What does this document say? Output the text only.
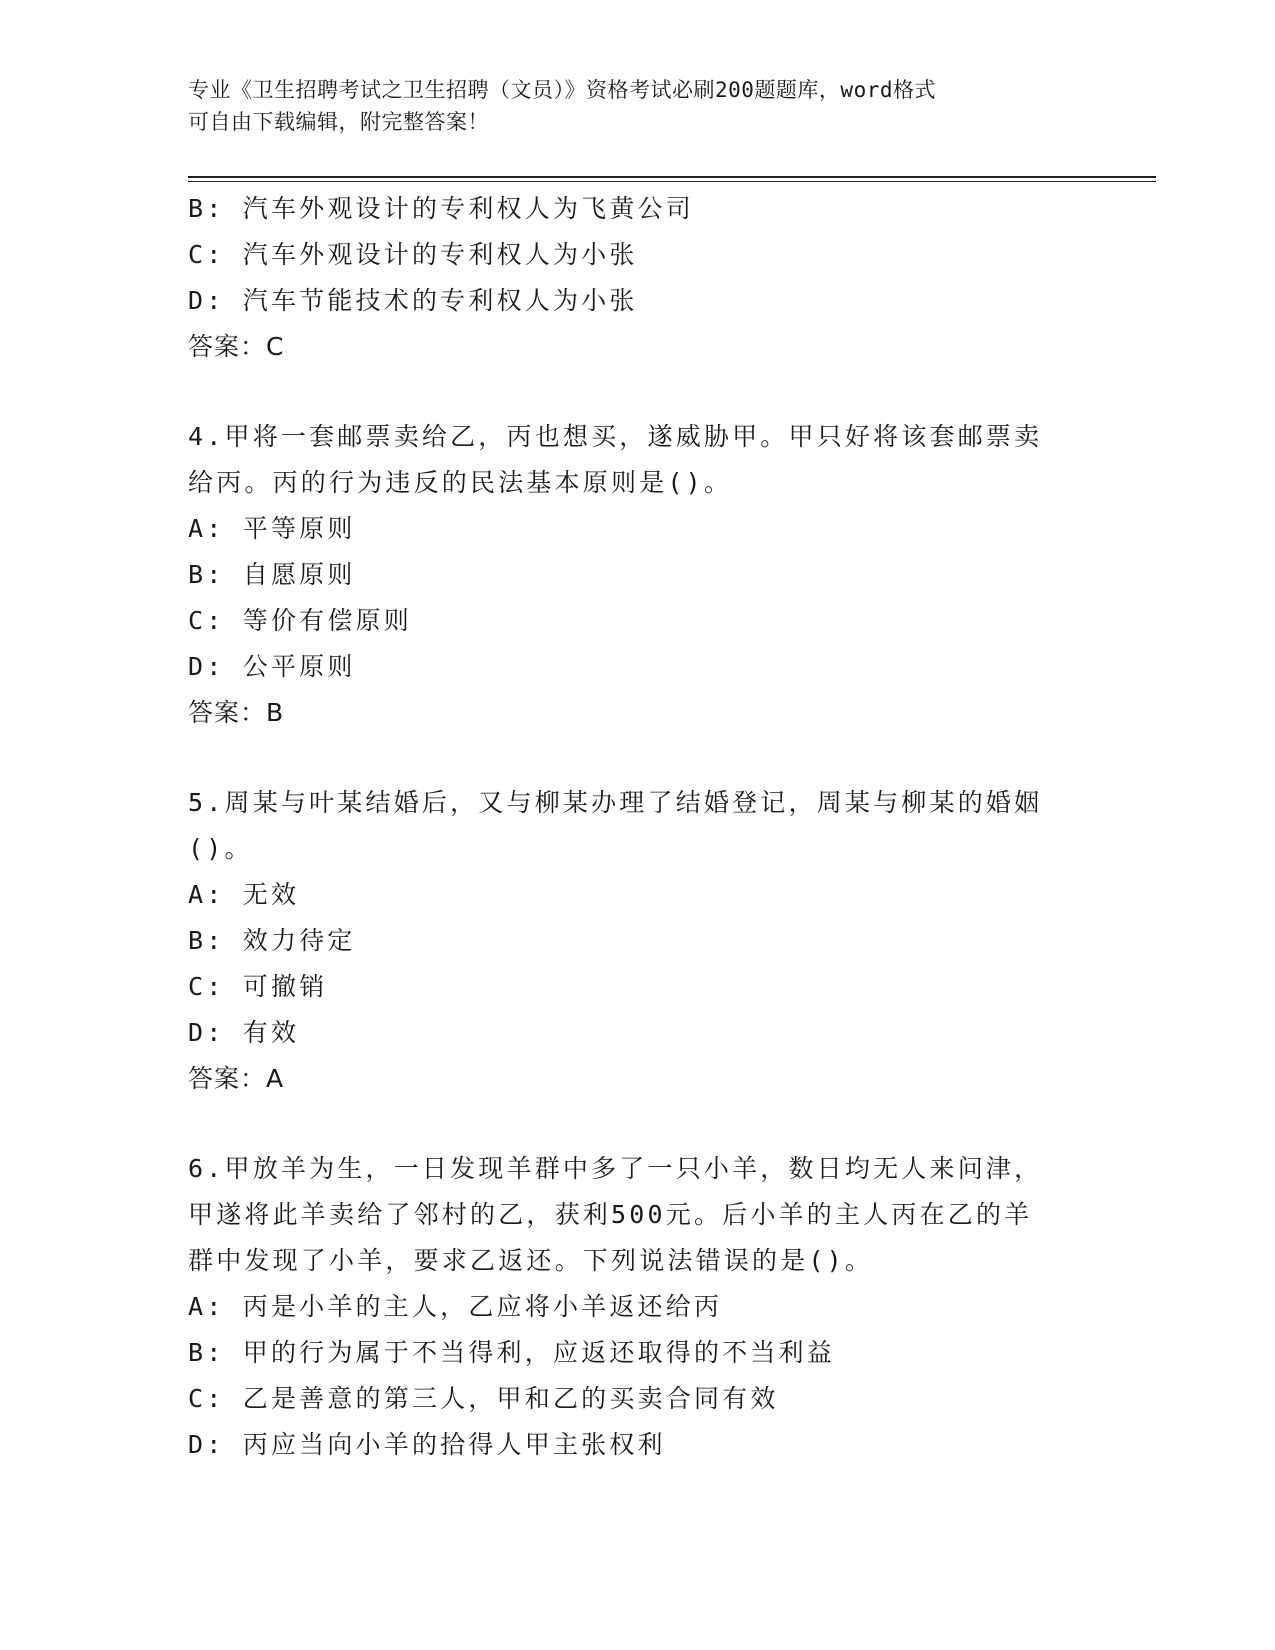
专业《卫生招聘考试之卫生招聘（文员）》资格考试必刷200题题库，word格式
可自由下载编辑，附完整答案！
B: 汽车外观设计的专利权人为飞黄公司
C: 汽车外观设计的专利权人为小张
D: 汽车节能技术的专利权人为小张
答案：C
4.甲将一套邮票卖给乙，丙也想买，遂威胁甲。甲只好将该套邮票卖
给丙。丙的行为违反的民法基本原则是()。
A: 平等原则
B: 自愿原则
C: 等价有偿原则
D: 公平原则
答案：B
5.周某与叶某结婚后，又与柳某办理了结婚登记，周某与柳某的婚姻
()。
A: 无效
B: 效力待定
C: 可撤销
D: 有效
答案：A
6.甲放羊为生，一日发现羊群中多了一只小羊，数日均无人来问津，
甲遂将此羊卖给了邻村的乙，获利500元。后小羊的主人丙在乙的羊
群中发现了小羊，要求乙返还。下列说法错误的是()。
A: 丙是小羊的主人，乙应将小羊返还给丙
B: 甲的行为属于不当得利，应返还取得的不当利益
C: 乙是善意的第三人，甲和乙的买卖合同有效
D: 丙应当向小羊的拾得人甲主张权利
